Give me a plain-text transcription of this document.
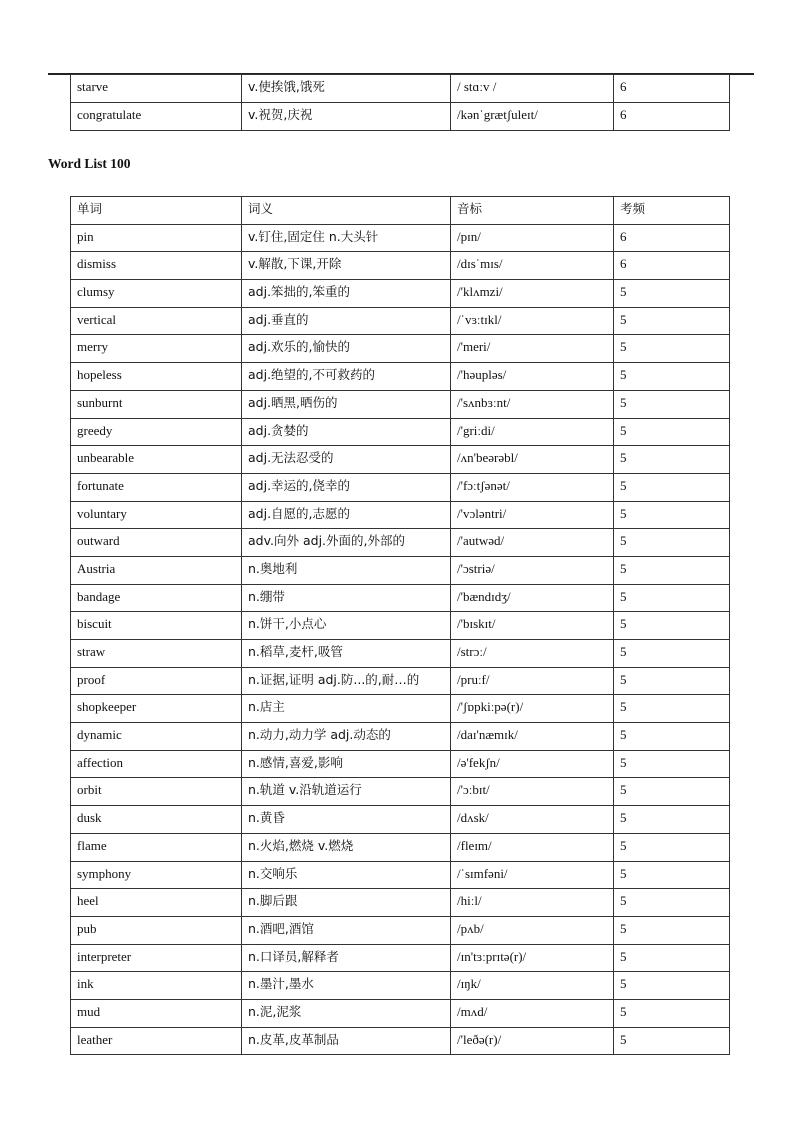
starve	v.使挨饿,饿死	/ stɑːv /	6
congratulate	v.祝贺,庆祝	/kənˈgrætʃuleɪt/	6
Word List 100
单词	词义	音标	考频
pin	v.钉住,固定住 n.大头针	/pɪn/	6
dismiss	v.解散,下课,开除	/dɪsˈmɪs/	6
clumsy	adj.笨拙的,笨重的	/'klʌmzi/	5
vertical	adj.垂直的	/ˈvɜːtɪkl/	5
merry	adj.欢乐的,愉快的	/'meri/	5
hopeless	adj.绝望的,不可救药的	/'həupləs/	5
sunburnt	adj.晒黑,晒伤的	/'sʌnbɜːnt/	5
greedy	adj.贪婪的	/'griːdi/	5
unbearable	adj.无法忍受的	/ʌn'beərəbl/	5
fortunate	adj.幸运的,侥幸的	/'fɔːtʃənət/	5
voluntary	adj.自愿的,志愿的	/'vɔləntri/	5
outward	adv.向外 adj.外面的,外部的	/'autwəd/	5
Austria	n.奥地利	/'ɔstriə/	5
bandage	n.绷带	/'bændɪdʒ/	5
biscuit	n.饼干,小点心	/'bɪskɪt/	5
straw	n.稻草,麦杆,吸管	/strɔː/	5
proof	n.证据,证明 adj.防...的,耐…的	/pruːf/	5
shopkeeper	n.店主	/'ʃɒpkiːpə(r)/	5
dynamic	n.动力,动力学 adj.动态的	/daɪ'næmɪk/	5
affection	n.感情,喜爱,影响	/ə'fekʃn/	5
orbit	n.轨道 v.沿轨道运行	/'ɔːbɪt/	5
dusk	n.黄昏	/dʌsk/	5
flame	n.火焰,燃烧 v.燃烧	/fleɪm/	5
symphony	n.交响乐	/ˈsɪmfəni/	5
heel	n.脚后跟	/hiːl/	5
pub	n.酒吧,酒馆	/pʌb/	5
interpreter	n.口译员,解释者	/ɪn'tɜːprɪtə(r)/	5
ink	n.墨汁,墨水	/ɪŋk/	5
mud	n.泥,泥浆	/mʌd/	5
leather	n.皮革,皮革制品	/'leðə(r)/	5
